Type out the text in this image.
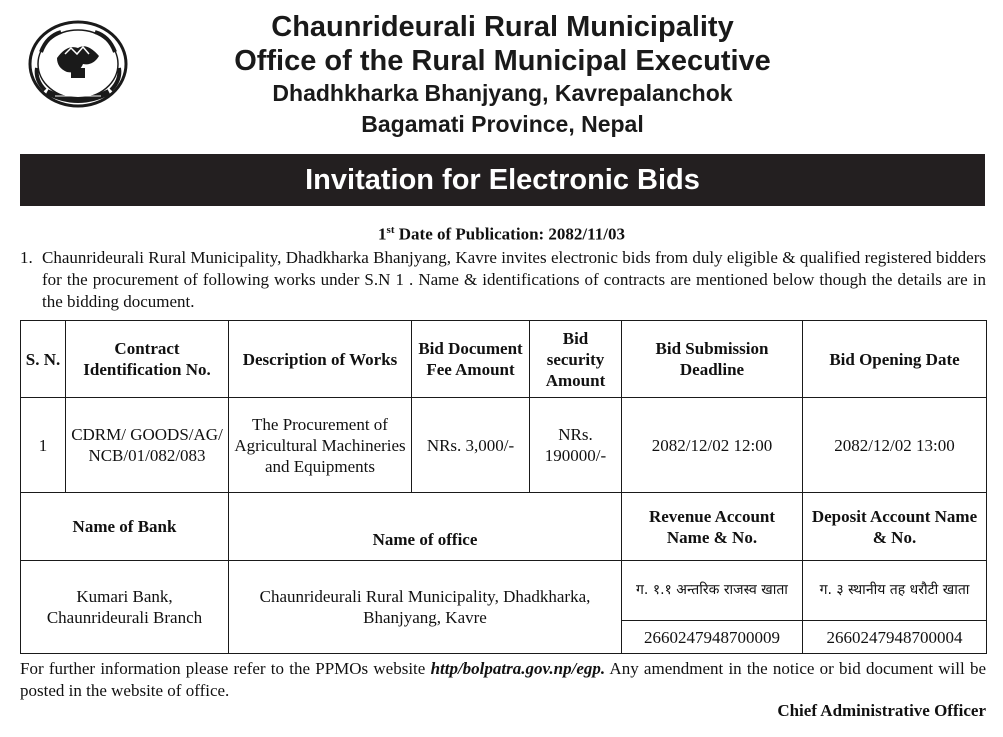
Chaunrideurali Rural Municipality
Office of the Rural Municipal Executive
Dhadhkharka Bhanjyang, Kavrepalanchok
Bagamati Province, Nepal
Invitation for Electronic Bids
1st Date of Publication: 2082/11/03
1. Chaunrideurali Rural Municipality, Dhadkharka Bhanjyang, Kavre invites electronic bids from duly eligible & qualified registered bidders for the procurement of following works under S.N 1 . Name & identifications of contracts are mentioned below though the details are in the bidding document.
S. N.	Contract Identification No.	Description of Works	Bid Document Fee Amount	Bid security Amount	Bid Submission Deadline	Bid Opening Date
1	CDRM/ GOODS/AG/ NCB/01/082/083	The Procurement of Agricultural Machineries and Equipments	NRs. 3,000/-	NRs. 190000/-	2082/12/02 12:00	2082/12/02 13:00
Name of Bank		Name of office			Revenue Account Name & No.	Deposit Account Name & No.
Kumari Bank, Chaunrideurali Branch		Chaunrideurali Rural Municipality, Dhadkharka, Bhanjyang, Kavre			ग. १.१ अन्तरिक राजस्व खाता	ग. ३ स्थानीय तह धरौटी खाता
					2660247948700009	2660247948700004
For further information please refer to the PPMOs website http/bolpatra.gov.np/egp. Any amendment in the notice or bid document will be posted in the website of office.
Chief Administrative Officer
